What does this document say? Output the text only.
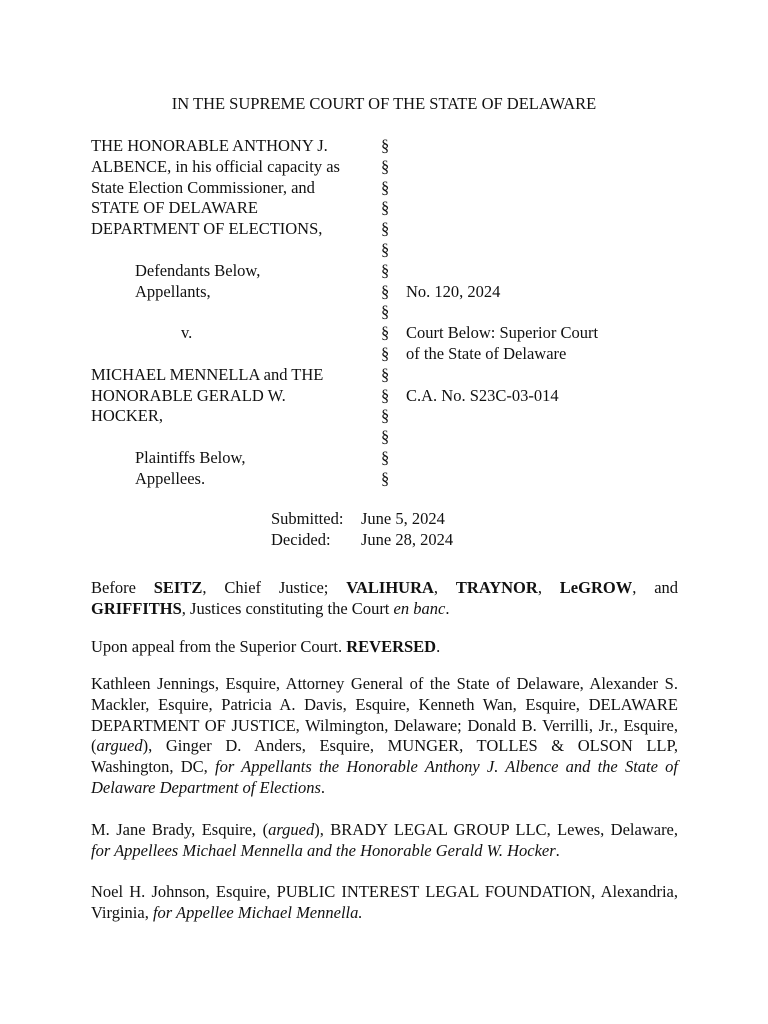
IN THE SUPREME COURT OF THE STATE OF DELAWARE
THE HONORABLE ANTHONY J.
ALBENCE, in his official capacity as
State Election Commissioner, and
STATE OF DELAWARE
DEPARTMENT OF ELECTIONS,
Defendants Below,
Appellants,
v.
MICHAEL MENNELLA and THE
HONORABLE GERALD W.
HOCKER,
Plaintiffs Below,
Appellees.
§
§
§
§
§
§
§
§
§
§
§
§
§
§
§
§
§
No. 120, 2024
Court Below: Superior Court
of the State of Delaware
C.A. No. S23C-03-014
Submitted: June 5, 2024
Decided: June 28, 2024
Before SEITZ, Chief Justice; VALIHURA, TRAYNOR, LeGROW, and GRIFFITHS, Justices constituting the Court en banc.
Upon appeal from the Superior Court. REVERSED.
Kathleen Jennings, Esquire, Attorney General of the State of Delaware, Alexander S. Mackler, Esquire, Patricia A. Davis, Esquire, Kenneth Wan, Esquire, DELAWARE DEPARTMENT OF JUSTICE, Wilmington, Delaware; Donald B. Verrilli, Jr., Esquire, (argued), Ginger D. Anders, Esquire, MUNGER, TOLLES & OLSON LLP, Washington, DC, for Appellants the Honorable Anthony J. Albence and the State of Delaware Department of Elections.
M. Jane Brady, Esquire, (argued), BRADY LEGAL GROUP LLC, Lewes, Delaware, for Appellees Michael Mennella and the Honorable Gerald W. Hocker.
Noel H. Johnson, Esquire, PUBLIC INTEREST LEGAL FOUNDATION, Alexandria, Virginia, for Appellee Michael Mennella.
